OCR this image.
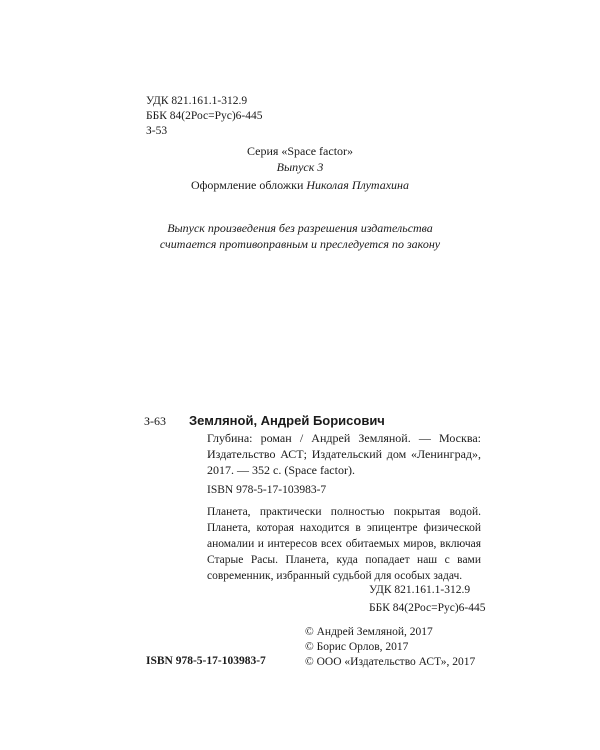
УДК 821.161.1-312.9
ББК 84(2Рос=Рус)6-445
З-53
Серия «Space factor»
Выпуск 3
Оформление обложки Николая Плутахина
Выпуск произведения без разрешения издательства
считается противоправным и преследуется по закону
З-63 Земляной, Андрей Борисович
Глубина: роман / Андрей Земляной. — Москва: Издательство АСТ; Издательский дом «Ленинград», 2017. — 352 с. (Space factor).
ISBN 978-5-17-103983-7
Планета, практически полностью покрытая водой. Планета, которая находится в эпицентре физической аномалии и интересов всех обитаемых миров, включая Старые Расы. Планета, куда попадает наш с вами современник, избранный судьбой для особых задач.
УДК 821.161.1-312.9
ББК 84(2Рос=Рус)6-445
© Андрей Земляной, 2017
© Борис Орлов, 2017
© ООО «Издательство АСТ», 2017
ISBN 978-5-17-103983-7
